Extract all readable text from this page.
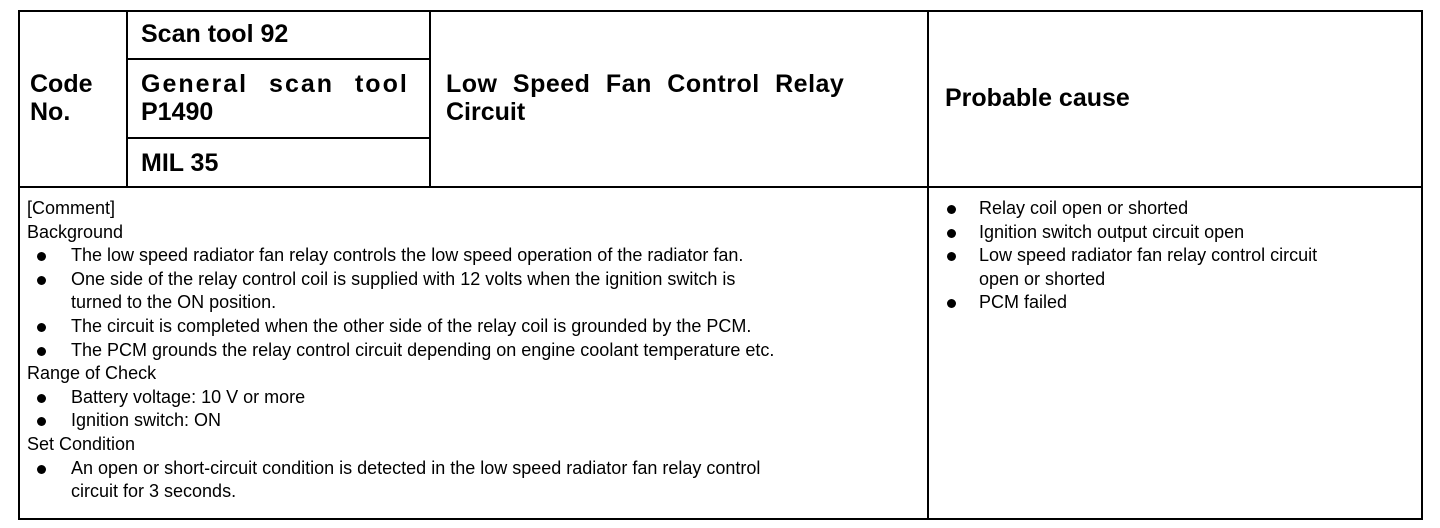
Code
No.
Scan tool 92
General scan tool
P1490
MIL 35
Low Speed Fan Control Relay
Circuit	Probable cause
[Comment]
Background
The low speed radiator fan relay controls the low speed operation of the radiator fan.
One side of the relay control coil is supplied with 12 volts when the ignition switch is
turned to the ON position.
The circuit is completed when the other side of the relay coil is grounded by the PCM.
The PCM grounds the relay control circuit depending on engine coolant temperature etc.
Range of Check
Battery voltage: 10 V or more
Ignition switch: ON
Set Condition
An open or short-circuit condition is detected in the low speed radiator fan relay control
circuit for 3 seconds.
Relay coil open or shorted
Ignition switch output circuit open
Low speed radiator fan relay control circuit
open or shorted
PCM failed
